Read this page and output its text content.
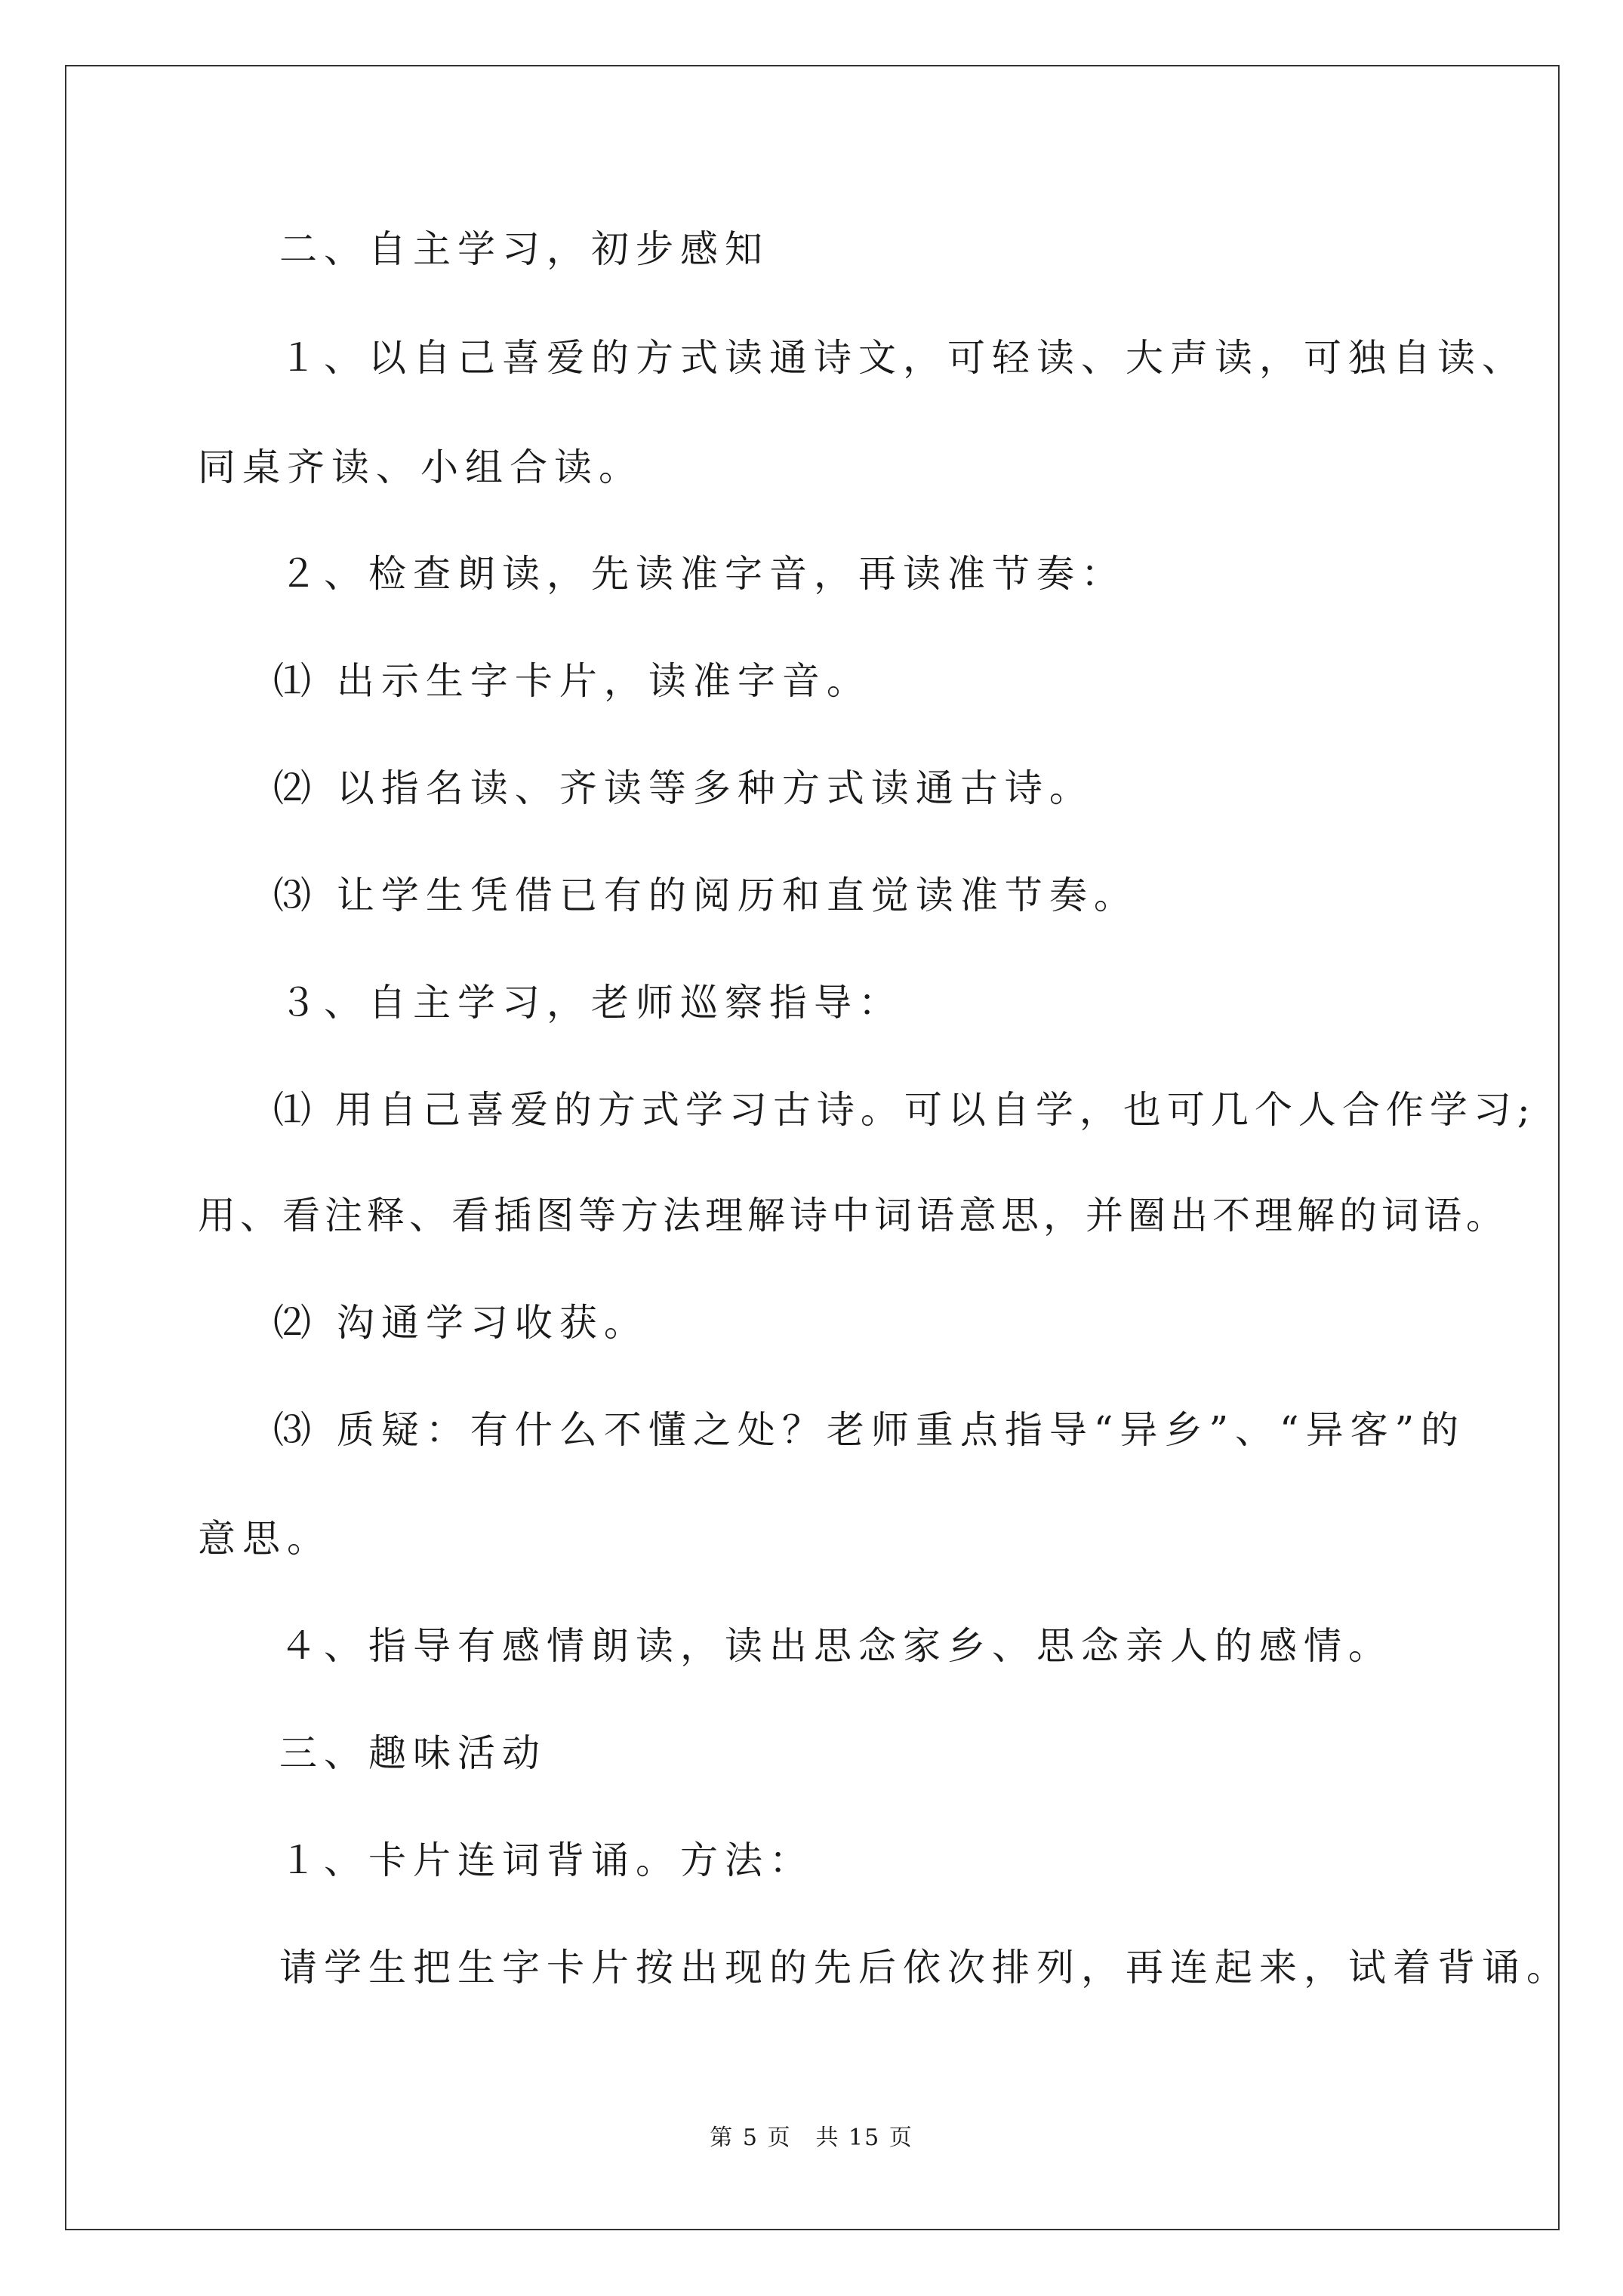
二、自主学习，初步感知

１、以自己喜爱的方式读通诗文，可轻读、大声读，可独自读、

同桌齐读、小组合读。

２、检查朗读，先读准字音，再读准节奏：

⑴ 出示生字卡片，读准字音。

⑵ 以指名读、齐读等多种方式读通古诗。

⑶ 让学生凭借已有的阅历和直觉读准节奏。

３、自主学习，老师巡察指导：

⑴ 用自己喜爱的方式学习古诗。可以自学，也可几个人合作学习;

用、看注释、看插图等方法理解诗中词语意思，并圈出不理解的词语。

⑵ 沟通学习收获。

⑶ 质疑：有什么不懂之处？老师重点指导“异乡”、“异客”的

意思。

４、指导有感情朗读，读出思念家乡、思念亲人的感情。

三、趣味活动

１、卡片连词背诵。方法：

请学生把生字卡片按出现的先后依次排列，再连起来，试着背诵。

第 5 页　共 15 页
